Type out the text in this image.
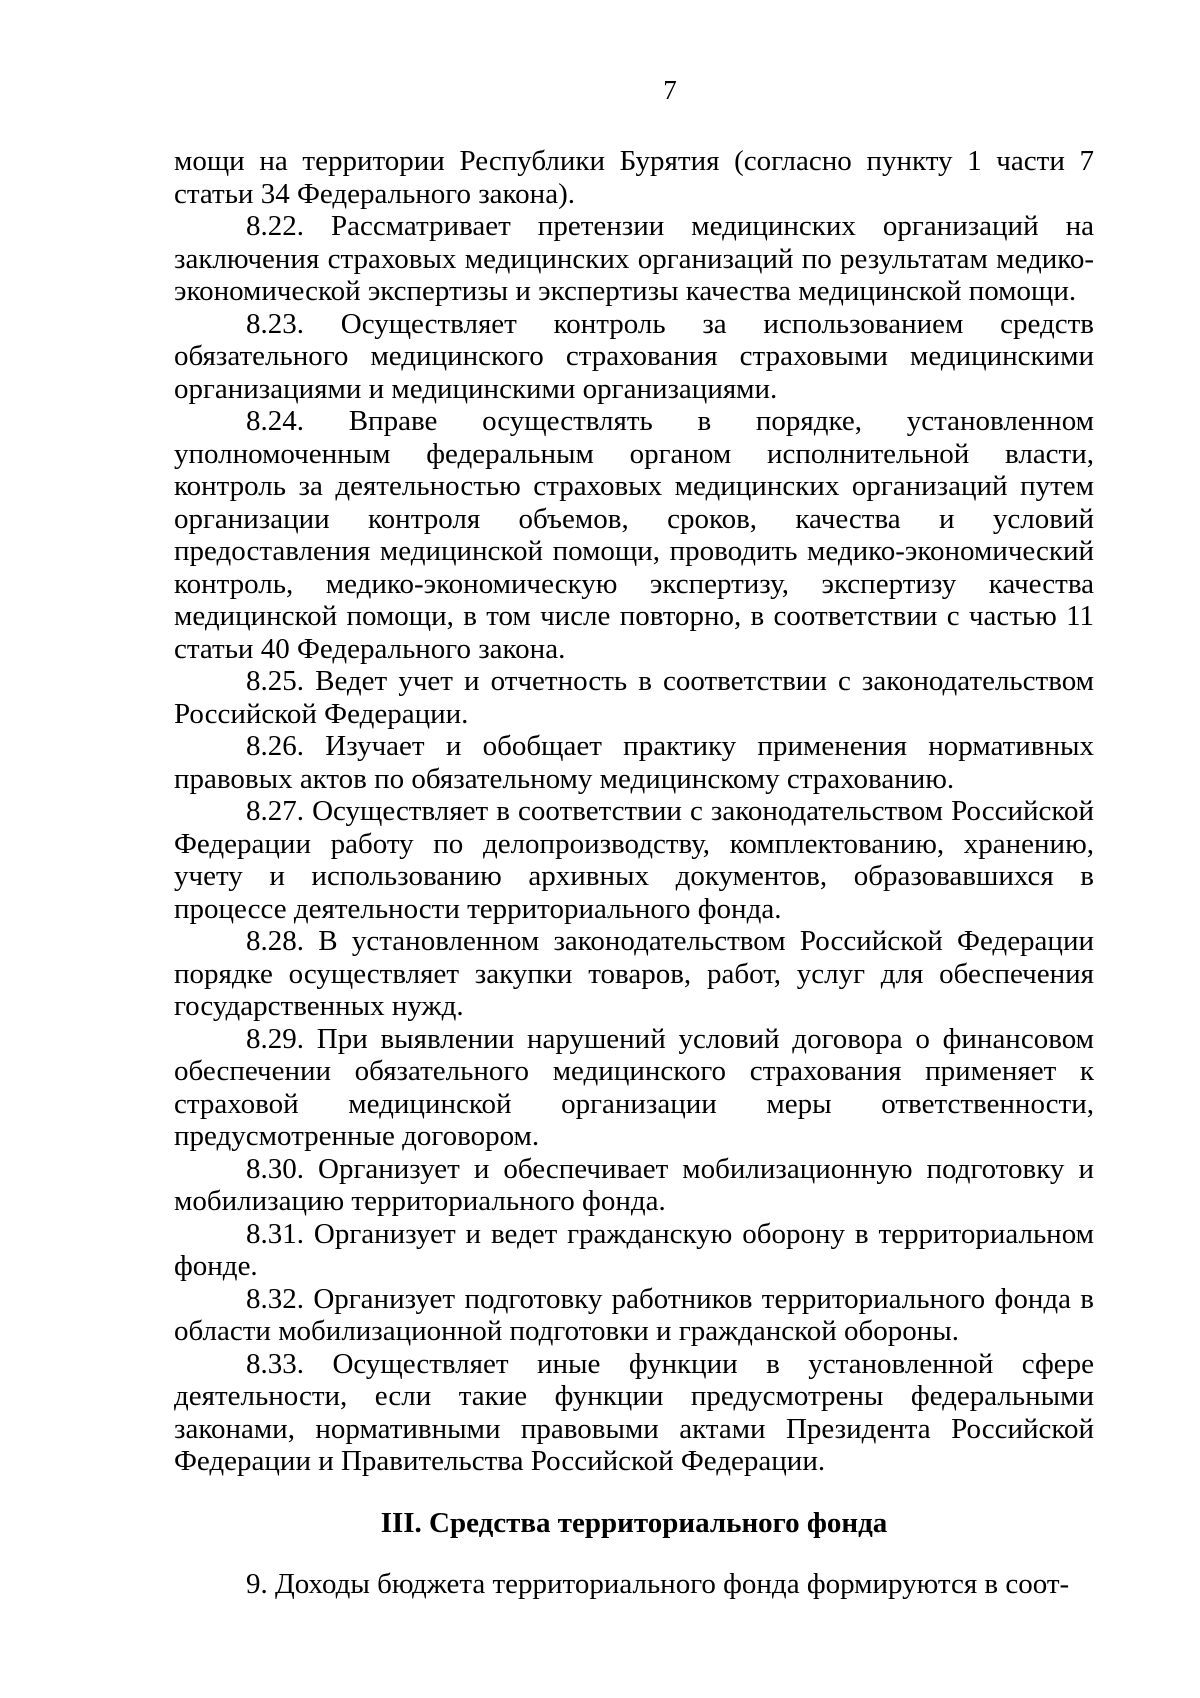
7

мощи на территории Республики Бурятия (согласно пункту 1 части 7 статьи 34 Федерального закона).

8.22. Рассматривает претензии медицинских организаций на заключения страховых медицинских организаций по результатам медико-экономической экспертизы и экспертизы качества медицинской помощи.

8.23. Осуществляет контроль за использованием средств обязательного медицинского страхования страховыми медицинскими организациями и медицинскими организациями.

8.24. Вправе осуществлять в порядке, установленном уполномоченным федеральным органом исполнительной власти, контроль за деятельностью страховых медицинских организаций путем организации контроля объемов, сроков, качества и условий предоставления медицинской помощи, проводить медико-экономический контроль, медико-экономическую экспертизу, экспертизу качества медицинской помощи, в том числе повторно, в соответствии с частью 11 статьи 40 Федерального закона.

8.25. Ведет учет и отчетность в соответствии с законодательством Российской Федерации.

8.26. Изучает и обобщает практику применения нормативных правовых актов по обязательному медицинскому страхованию.

8.27. Осуществляет в соответствии с законодательством Российской Федерации работу по делопроизводству, комплектованию, хранению, учету и использованию архивных документов, образовавшихся в процессе деятельности территориального фонда.

8.28. В установленном законодательством Российской Федерации порядке осуществляет закупки товаров, работ, услуг для обеспечения государственных нужд.

8.29. При выявлении нарушений условий договора о финансовом обеспечении обязательного медицинского страхования применяет к страховой медицинской организации меры ответственности, предусмотренные договором.

8.30. Организует и обеспечивает мобилизационную подготовку и мобилизацию территориального фонда.

8.31. Организует и ведет гражданскую оборону в территориальном фонде.

8.32. Организует подготовку работников территориального фонда в области мобилизационной подготовки и гражданской обороны.

8.33. Осуществляет иные функции в установленной сфере деятельности, если такие функции предусмотрены федеральными законами, нормативными правовыми актами Президента Российской Федерации и Правительства Российской Федерации.

III. Средства территориального фонда

9. Доходы бюджета территориального фонда формируются в соот-
